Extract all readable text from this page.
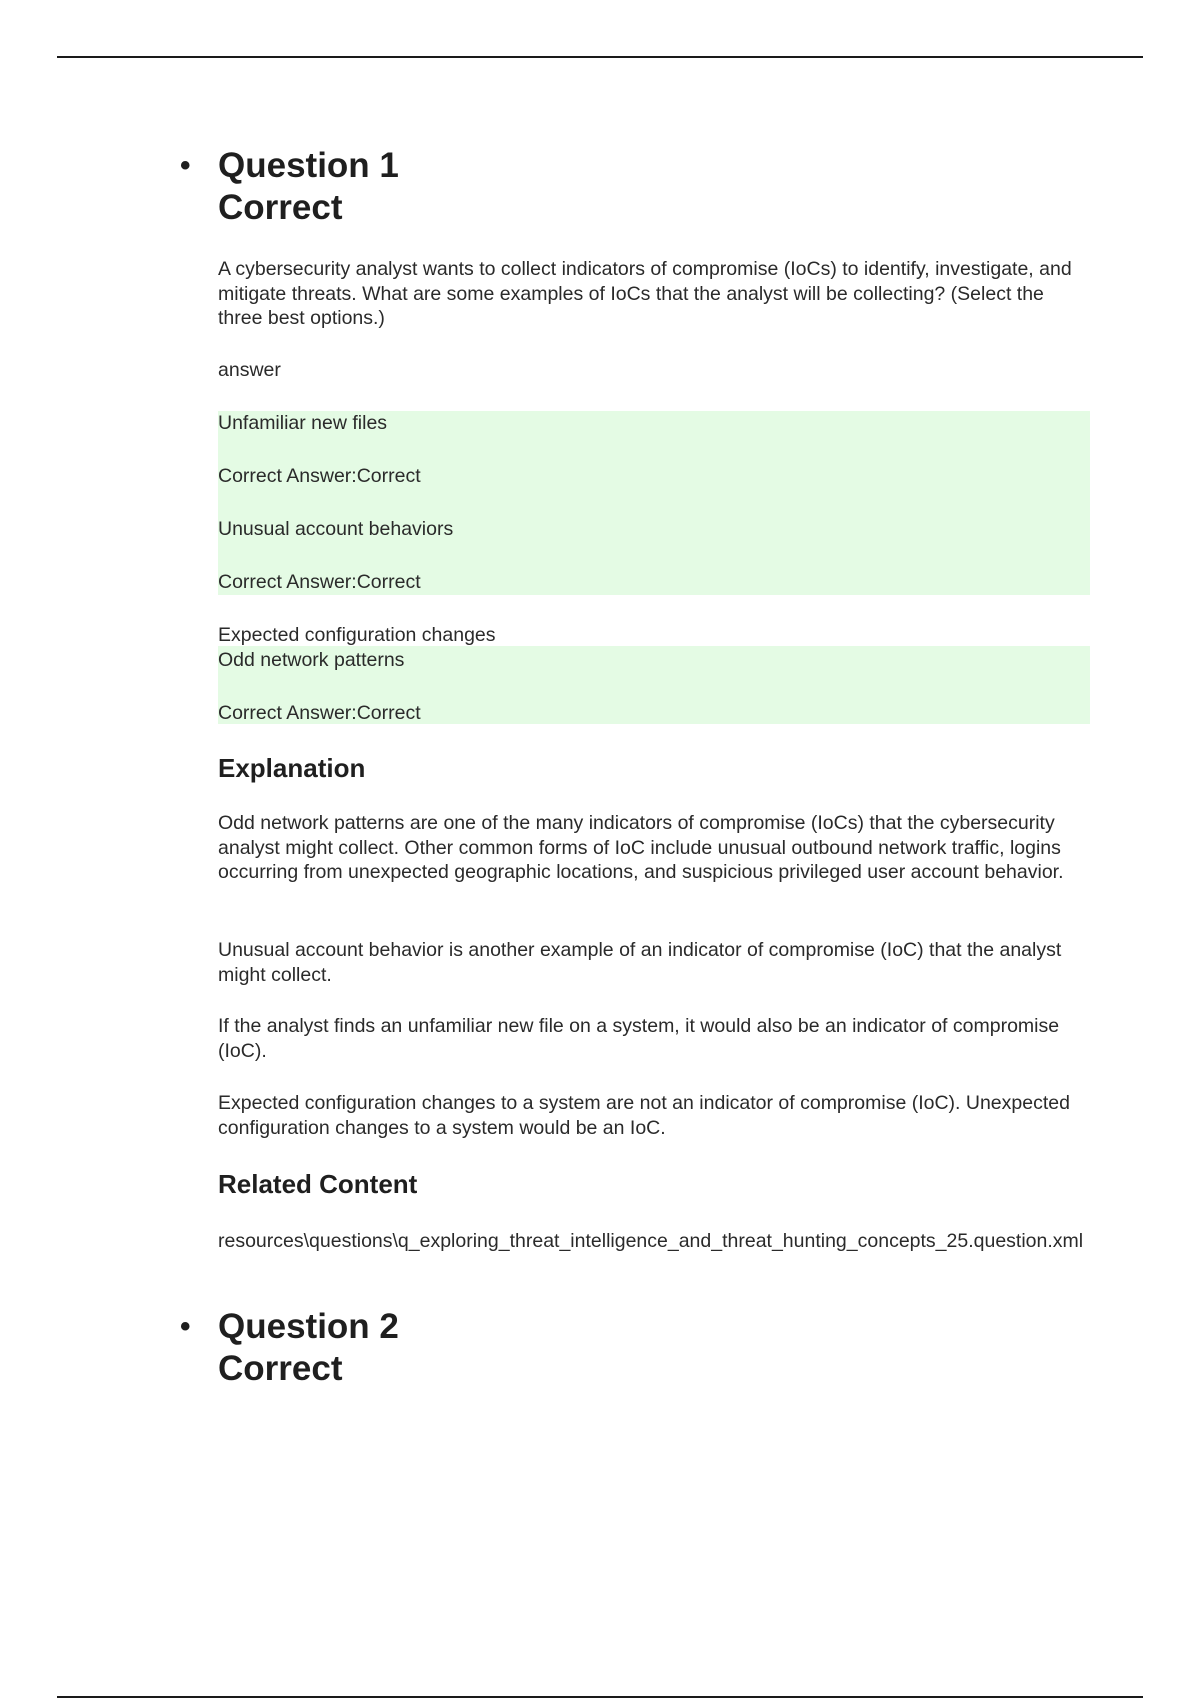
• Question 1
Correct
A cybersecurity analyst wants to collect indicators of compromise (IoCs) to identify, investigate, and mitigate threats. What are some examples of IoCs that the analyst will be collecting? (Select the three best options.)
answer
Unfamiliar new files
Correct Answer:Correct
Unusual account behaviors
Correct Answer:Correct
Expected configuration changes
Odd network patterns
Correct Answer:Correct
Explanation
Odd network patterns are one of the many indicators of compromise (IoCs) that the cybersecurity analyst might collect. Other common forms of IoC include unusual outbound network traffic, logins occurring from unexpected geographic locations, and suspicious privileged user account behavior.
Unusual account behavior is another example of an indicator of compromise (IoC) that the analyst might collect.
If the analyst finds an unfamiliar new file on a system, it would also be an indicator of compromise (IoC).
Expected configuration changes to a system are not an indicator of compromise (IoC). Unexpected configuration changes to a system would be an IoC.
Related Content
resources\questions\q_exploring_threat_intelligence_and_threat_hunting_concepts_25.question.xml
• Question 2
Correct
